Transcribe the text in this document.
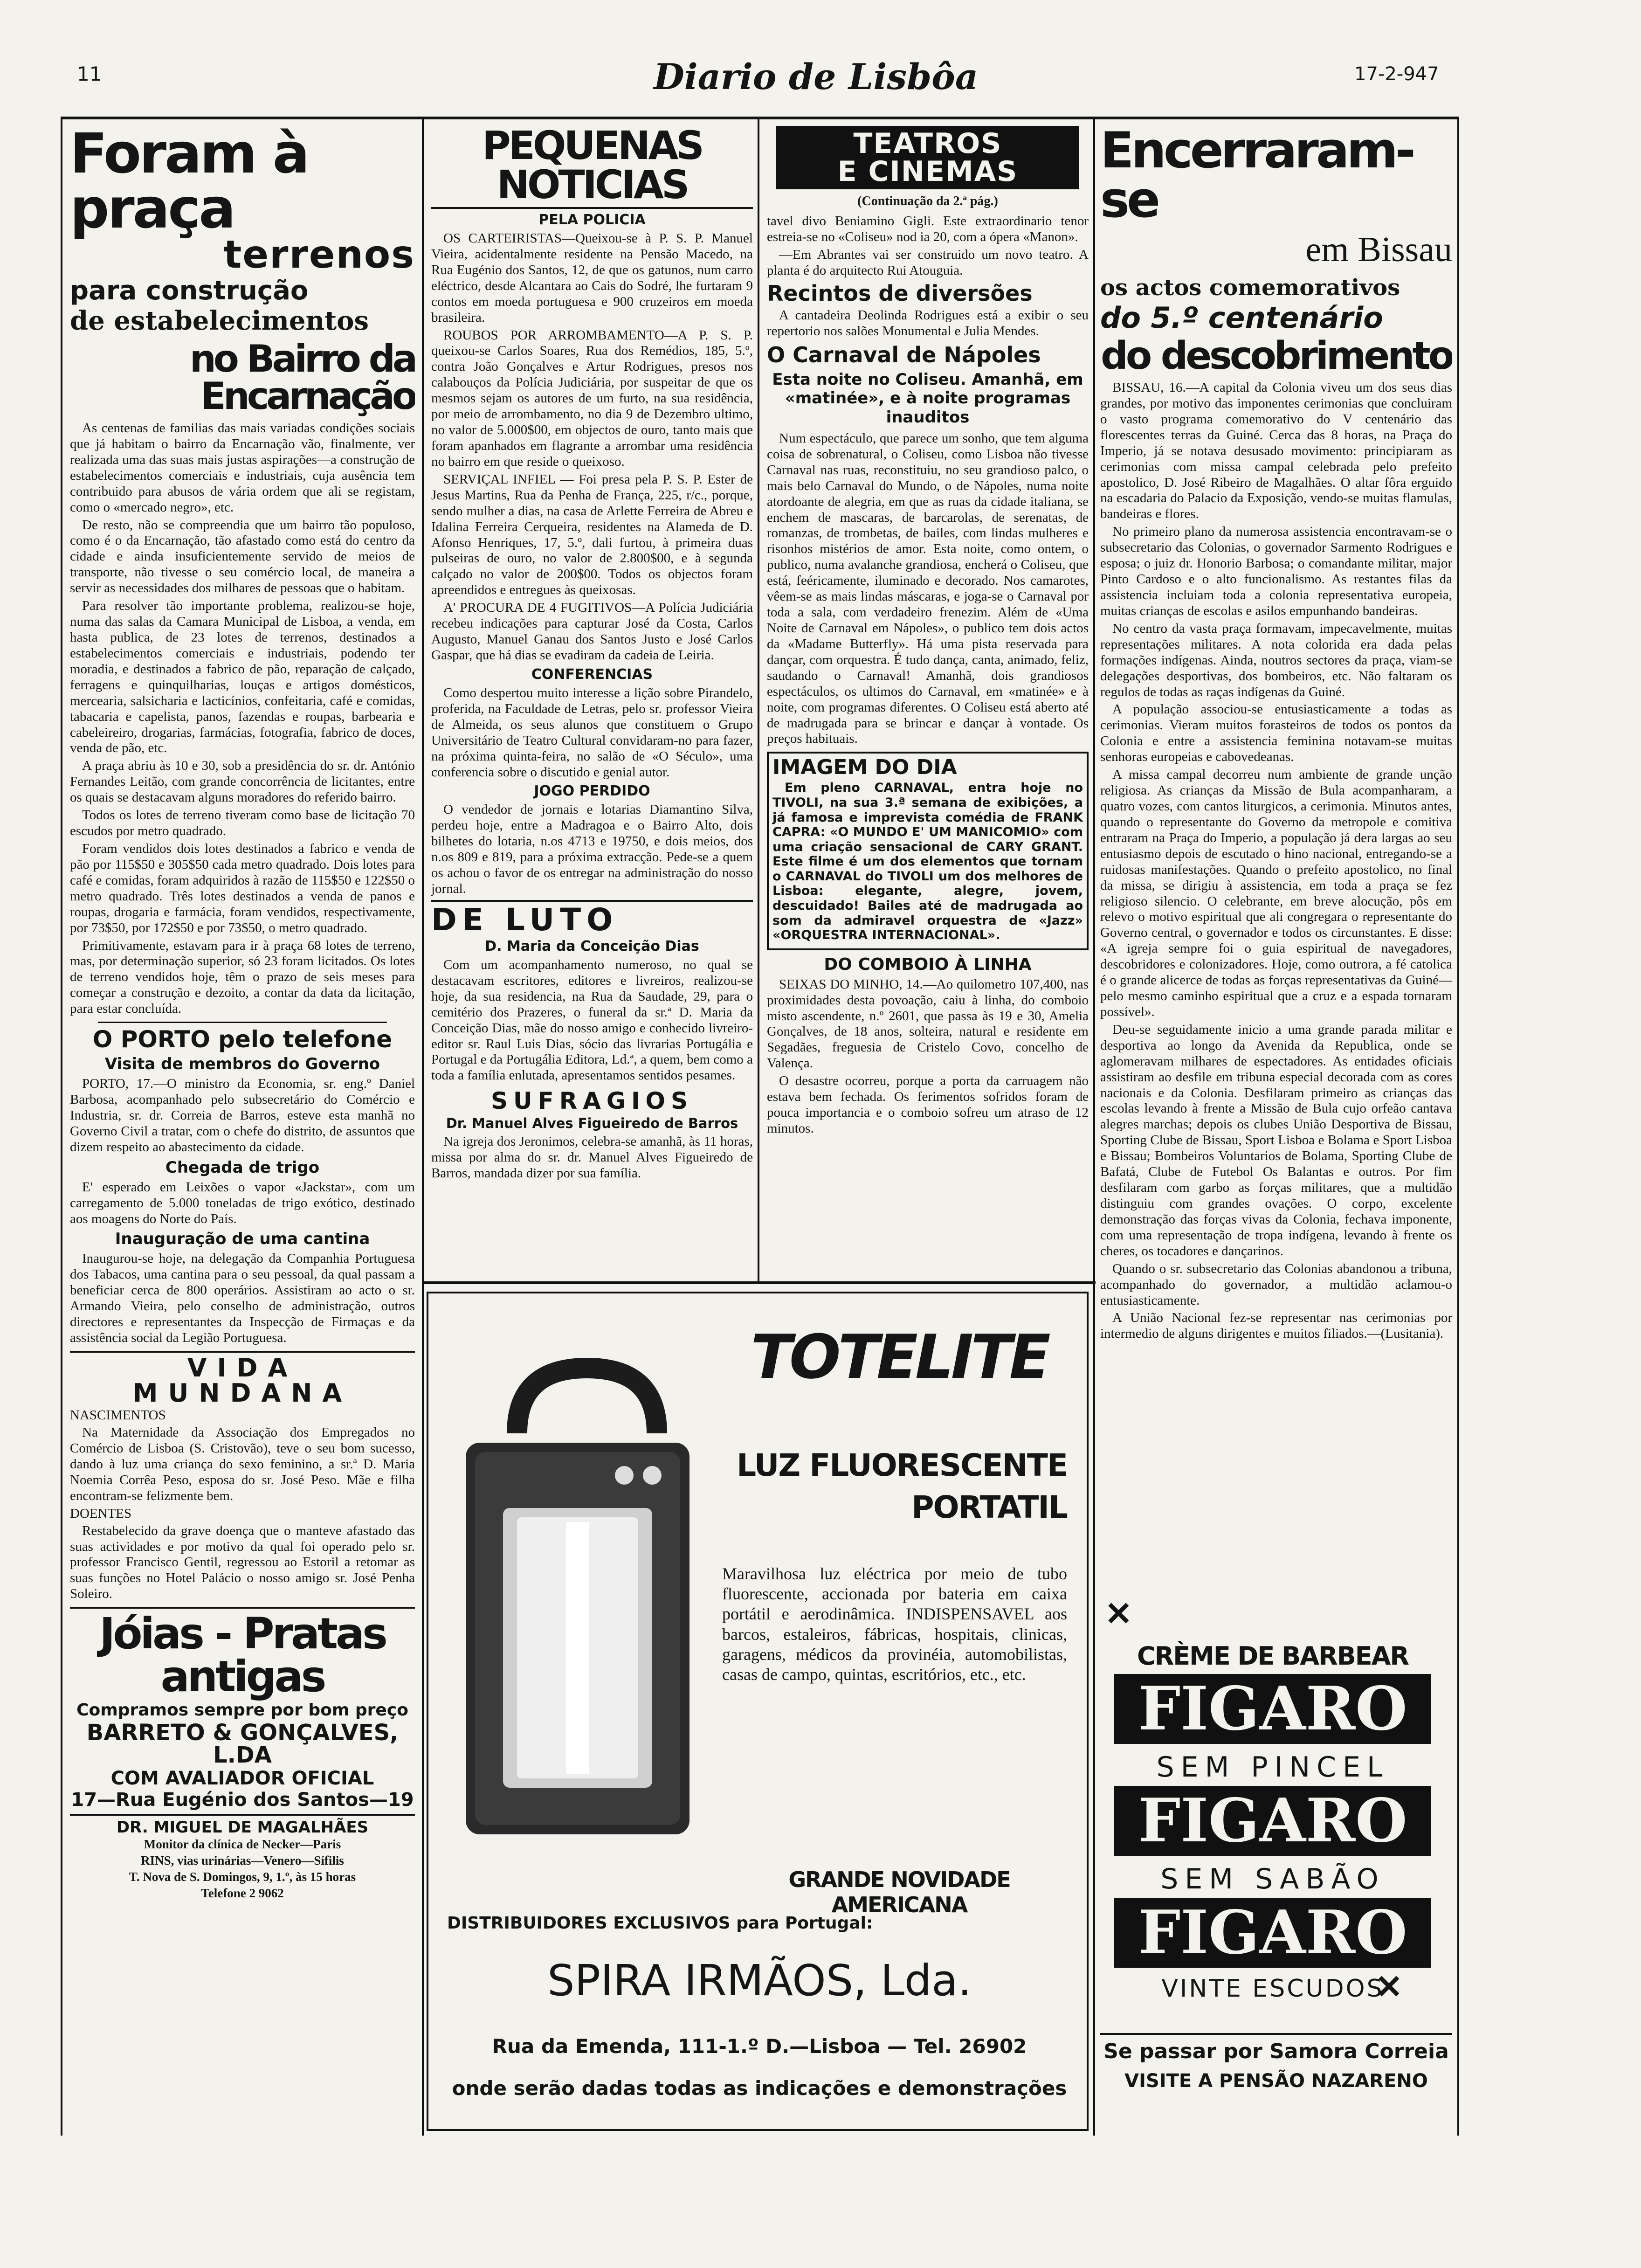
11	Diario de Lisbôa	17-2-947
Foram à praça
terrenos
para construção
de estabelecimentos
no Bairro da Encarnação

As centenas de familias das mais variadas condições sociais que já habitam o bairro da Encarnação vão, finalmente, ver realizada uma das suas mais justas aspirações—a construção de estabelecimentos comerciais e industriais, cuja ausência tem contribuido para abusos de vária ordem que ali se registam, como o «mercado negro», etc.

De resto, não se compreendia que um bairro tão populoso, como é o da Encarnação, tão afastado como está do centro da cidade e ainda insuficientemente servido de meios de transporte, não tivesse o seu comércio local, de maneira a servir as necessidades dos milhares de pessoas que o habitam.

Para resolver tão importante problema, realizou-se hoje, numa das salas da Camara Municipal de Lisboa, a venda, em hasta publica, de 23 lotes de terrenos, destinados a estabelecimentos comerciais e industriais, podendo ter moradia, e destinados a fabrico de pão, reparação de calçado, ferragens e quinquilharias, louças e artigos domésticos, mercearia, salsicharia e lacticínios, confeitaria, café e comidas, tabacaria e capelista, panos, fazendas e roupas, barbearia e cabeleireiro, drogarias, farmácias, fotografia, fabrico de doces, venda de pão, etc.

A praça abriu às 10 e 30, sob a presidência do sr. dr. António Fernandes Leitão, com grande concorrência de licitantes, entre os quais se destacavam alguns moradores do referido bairro.

Todos os lotes de terreno tiveram como base de licitação 70 escudos por metro quadrado.

Foram vendidos dois lotes destinados a fabrico e venda de pão por 115$50 e 305$50 cada metro quadrado. Dois lotes para café e comidas, foram adquiridos à razão de 115$50 e 122$50 o metro quadrado. Três lotes destinados a venda de panos e roupas, drogaria e farmácia, foram vendidos, respectivamente, por 73$50, por 172$50 e por 73$50, o metro quadrado.

Primitivamente, estavam para ir à praça 68 lotes de terreno, mas, por determinação superior, só 23 foram licitados. Os lotes de terreno vendidos hoje, têm o prazo de seis meses para começar a construção e dezoito, a contar da data da licitação, para estar concluída.

O PORTO pelo telefone
Visita de membros do Governo

PORTO, 17.—O ministro da Economia, sr. eng.º Daniel Barbosa, acompanhado pelo subsecretário do Comércio e Industria, sr. dr. Correia de Barros, esteve esta manhã no Governo Civil a tratar, com o chefe do distrito, de assuntos que dizem respeito ao abastecimento da cidade.

Chegada de trigo

E' esperado em Leixões o vapor «Jackstar», com um carregamento de 5.000 toneladas de trigo exótico, destinado aos moagens do Norte do País.

Inauguração de uma cantina

Inaugurou-se hoje, na delegação da Companhia Portuguesa dos Tabacos, uma cantina para o seu pessoal, da qual passam a beneficiar cerca de 800 operários. Assistiram ao acto o sr. Armando Vieira, pelo conselho de administração, outros directores e representantes da Inspecção de Firmaças e da assistência social da Legião Portuguesa.

VIDA MUNDANA
NASCIMENTOS

Na Maternidade da Associação dos Empregados no Comércio de Lisboa (S. Cristovão), teve o seu bom sucesso, dando à luz uma criança do sexo feminino, a sr.ª D. Maria Noemia Corrêa Peso, esposa do sr. José Peso. Mãe e filha encontram-se felizmente bem.

DOENTES

Restabelecido da grave doença que o manteve afastado das suas actividades e por motivo da qual foi operado pelo sr. professor Francisco Gentil, regressou ao Estoril a retomar as suas funções no Hotel Palácio o nosso amigo sr. José Penha Soleiro.

Jóias - Pratas antigas
Compramos sempre por bom preço
BARRETO & GONÇALVES, L.DA
COM AVALIADOR OFICIAL
17—Rua Eugénio dos Santos—19
DR. MIGUEL DE MAGALHÃES
Monitor da clínica de Necker—Paris
RINS, vias urinárias—Venero—Sífilis
T. Nova de S. Domingos, 9, 1.º, às 15 horas
Telefone 2 9062
PEQUENAS NOTICIAS
PELA POLICIA

OS CARTEIRISTAS—Queixou-se à P. S. P. Manuel Vieira, acidentalmente residente na Pensão Macedo, na Rua Eugénio dos Santos, 12, de que os gatunos, num carro eléctrico, desde Alcantara ao Cais do Sodré, lhe furtaram 9 contos em moeda portuguesa e 900 cruzeiros em moeda brasileira.

ROUBOS POR ARROMBAMENTO—A P. S. P. queixou-se Carlos Soares, Rua dos Remédios, 185, 5.º, contra João Gonçalves e Artur Rodrigues, presos nos calabouços da Polícia Judiciária, por suspeitar de que os mesmos sejam os autores de um furto, na sua residência, por meio de arrombamento, no dia 9 de Dezembro ultimo, no valor de 5.000$00, em objectos de ouro, tanto mais que foram apanhados em flagrante a arrombar uma residência no bairro em que reside o queixoso.

SERVIÇAL INFIEL — Foi presa pela P. S. P. Ester de Jesus Martins, Rua da Penha de França, 225, r/c., porque, sendo mulher a dias, na casa de Arlette Ferreira de Abreu e Idalina Ferreira Cerqueira, residentes na Alameda de D. Afonso Henriques, 17, 5.º, dali furtou, à primeira duas pulseiras de ouro, no valor de 2.800$00, e à segunda calçado no valor de 200$00. Todos os objectos foram apreendidos e entregues às queixosas.

A' PROCURA DE 4 FUGITIVOS—A Polícia Judiciária recebeu indicações para capturar José da Costa, Carlos Augusto, Manuel Ganau dos Santos Justo e José Carlos Gaspar, que há dias se evadiram da cadeia de Leiria.

CONFERENCIAS

Como despertou muito interesse a lição sobre Pirandelo, proferida, na Faculdade de Letras, pelo sr. professor Vieira de Almeida, os seus alunos que constituem o Grupo Universitário de Teatro Cultural convidaram-no para fazer, na próxima quinta-feira, no salão de «O Século», uma conferencia sobre o discutido e genial autor.

JOGO PERDIDO

O vendedor de jornais e lotarias Diamantino Silva, perdeu hoje, entre a Madragoa e o Bairro Alto, dois bilhetes do lotaria, n.os 4713 e 19750, e dois meios, dos n.os 809 e 819, para a próxima extracção. Pede-se a quem os achou o favor de os entregar na administração do nosso jornal.

DE LUTO
D. Maria da Conceição Dias

Com um acompanhamento numeroso, no qual se destacavam escritores, editores e livreiros, realizou-se hoje, da sua residencia, na Rua da Saudade, 29, para o cemitério dos Prazeres, o funeral da sr.ª D. Maria da Conceição Dias, mãe do nosso amigo e conhecido livreiro-editor sr. Raul Luis Dias, sócio das livrarias Portugália e Portugal e da Portugália Editora, Ld.ª, a quem, bem como a toda a família enlutada, apresentamos sentidos pesames.

SUFRAGIOS
Dr. Manuel Alves Figueiredo de Barros

Na igreja dos Jeronimos, celebra-se amanhã, às 11 horas, missa por alma do sr. dr. Manuel Alves Figueiredo de Barros, mandada dizer por sua família.

TEATROS
E CINEMAS
(Continuação da 2.ª pág.)

tavel divo Beniamino Gigli. Este extraordinario tenor estreia-se no «Coliseu» nod ia 20, com a ópera «Manon».

—Em Abrantes vai ser construido um novo teatro. A planta é do arquitecto Rui Atouguia.

Recintos de diversões

A cantadeira Deolinda Rodrigues está a exibir o seu repertorio nos salões Monumental e Julia Mendes.

O Carnaval de Nápoles
Esta noite no Coliseu. Amanhã, em «matinée», e à noite programas inauditos

Num espectáculo, que parece um sonho, que tem alguma coisa de sobrenatural, o Coliseu, como Lisboa não tivesse Carnaval nas ruas, reconstituiu, no seu grandioso palco, o mais belo Carnaval do Mundo, o de Nápoles, numa noite atordoante de alegria, em que as ruas da cidade italiana, se enchem de mascaras, de barcarolas, de serenatas, de romanzas, de trombetas, de bailes, com lindas mulheres e risonhos mistérios de amor. Esta noite, como ontem, o publico, numa avalanche grandiosa, encherá o Coliseu, que está, feéricamente, iluminado e decorado. Nos camarotes, vêem-se as mais lindas máscaras, e joga-se o Carnaval por toda a sala, com verdadeiro frenezim. Além de «Uma Noite de Carnaval em Nápoles», o publico tem dois actos da «Madame Butterfly». Há uma pista reservada para dançar, com orquestra. É tudo dança, canta, animado, feliz, saudando o Carnaval! Amanhã, dois grandiosos espectáculos, os ultimos do Carnaval, em «matinée» e à noite, com programas diferentes. O Coliseu está aberto até de madrugada para se brincar e dançar à vontade. Os preços habituais.

IMAGEM DO DIA

Em pleno CARNAVAL, entra hoje no TIVOLI, na sua 3.ª semana de exibições, a já famosa e imprevista comédia de FRANK CAPRA: «O MUNDO E' UM MANICOMIO» com uma criação sensacional de CARY GRANT. Este filme é um dos elementos que tornam o CARNAVAL do TIVOLI um dos melhores de Lisboa: elegante, alegre, jovem, descuidado! Bailes até de madrugada ao som da admiravel orquestra de «Jazz» «ORQUESTRA INTERNACIONAL».

DO COMBOIO À LINHA

SEIXAS DO MINHO, 14.—Ao quilometro 107,400, nas proximidades desta povoação, caiu à linha, do comboio misto ascendente, n.º 2601, que passa às 19 e 30, Amelia Gonçalves, de 18 anos, solteira, natural e residente em Segadães, freguesia de Cristelo Covo, concelho de Valença.

O desastre ocorreu, porque a porta da carruagem não estava bem fechada. Os ferimentos sofridos foram de pouca importancia e o comboio sofreu um atraso de 12 minutos.

Encerraram-se
em Bissau
os actos comemorativos
do 5.º centenário
do descobrimento

BISSAU, 16.—A capital da Colonia viveu um dos seus dias grandes, por motivo das imponentes cerimonias que concluiram o vasto programa comemorativo do V centenário das florescentes terras da Guiné. Cerca das 8 horas, na Praça do Imperio, já se notava desusado movimento: principiaram as cerimonias com missa campal celebrada pelo prefeito apostolico, D. José Ribeiro de Magalhães. O altar fôra erguido na escadaria do Palacio da Exposição, vendo-se muitas flamulas, bandeiras e flores.

No primeiro plano da numerosa assistencia encontravam-se o subsecretario das Colonias, o governador Sarmento Rodrigues e esposa; o juiz dr. Honorio Barbosa; o comandante militar, major Pinto Cardoso e o alto funcionalismo. As restantes filas da assistencia incluiam toda a colonia representativa europeia, muitas crianças de escolas e asilos empunhando bandeiras.

No centro da vasta praça formavam, impecavelmente, muitas representações militares. A nota colorida era dada pelas formações indígenas. Ainda, noutros sectores da praça, viam-se delegações desportivas, dos bombeiros, etc. Não faltaram os regulos de todas as raças indígenas da Guiné.

A população associou-se entusiasticamente a todas as cerimonias. Vieram muitos forasteiros de todos os pontos da Colonia e entre a assistencia feminina notavam-se muitas senhoras europeias e cabovedeanas.

A missa campal decorreu num ambiente de grande unção religiosa. As crianças da Missão de Bula acompanharam, a quatro vozes, com cantos liturgicos, a cerimonia. Minutos antes, quando o representante do Governo da metropole e comitiva entraram na Praça do Imperio, a população já dera largas ao seu entusiasmo depois de escutado o hino nacional, entregando-se a ruidosas manifestações. Quando o prefeito apostolico, no final da missa, se dirigiu à assistencia, em toda a praça se fez religioso silencio. O celebrante, em breve alocução, pôs em relevo o motivo espiritual que ali congregara o representante do Governo central, o governador e todos os circunstantes. E disse: «A igreja sempre foi o guia espiritual de navegadores, descobridores e colonizadores. Hoje, como outrora, a fé catolica é o grande alicerce de todas as forças representativas da Guiné—pelo mesmo caminho espiritual que a cruz e a espada tornaram possível».

Deu-se seguidamente inicio a uma grande parada militar e desportiva ao longo da Avenida da Republica, onde se aglomeravam milhares de espectadores. As entidades oficiais assistiram ao desfile em tribuna especial decorada com as cores nacionais e da Colonia. Desfilaram primeiro as crianças das escolas levando à frente a Missão de Bula cujo orfeão cantava alegres marchas; depois os clubes União Desportiva de Bissau, Sporting Clube de Bissau, Sport Lisboa e Bolama e Sport Lisboa e Bissau; Bombeiros Voluntarios de Bolama, Sporting Clube de Bafatá, Clube de Futebol Os Balantas e outros. Por fim desfilaram com garbo as forças militares, que a multidão distinguiu com grandes ovações. O corpo, excelente demonstração das forças vivas da Colonia, fechava imponente, com uma representação de tropa indígena, levando à frente os cheres, os tocadores e dançarinos.

Quando o sr. subsecretario das Colonias abandonou a tribuna, acompanhado do governador, a multidão aclamou-o entusiasticamente.

A União Nacional fez-se representar nas cerimonias por intermedio de alguns dirigentes e muitos filiados.—(Lusitania).

TOTELITE
LUZ FLUORESCENTE
PORTATIL

Maravilhosa luz eléctrica por meio de tubo fluorescente, accionada por bateria em caixa portátil e aerodinâmica. INDISPENSAVEL aos barcos, estaleiros, fábricas, hospitais, clinicas, garagens, médicos da provinéia, automobilistas, casas de campo, quintas, escritórios, etc., etc.

GRANDE NOVIDADE AMERICANA
DISTRIBUIDORES EXCLUSIVOS para Portugal:
SPIRA IRMÃOS, Lda.
Rua da Emenda, 111-1.º D.—Lisboa — Tel. 26902
onde serão dadas todas as indicações e demonstrações
✕
✕
CRÈME DE BARBEAR
FIGARO
SEM PINCEL
FIGARO
SEM SABÃO
FIGARO
VINTE ESCUDOS
Se passar por Samora Correia
VISITE A PENSÃO NAZARENO
